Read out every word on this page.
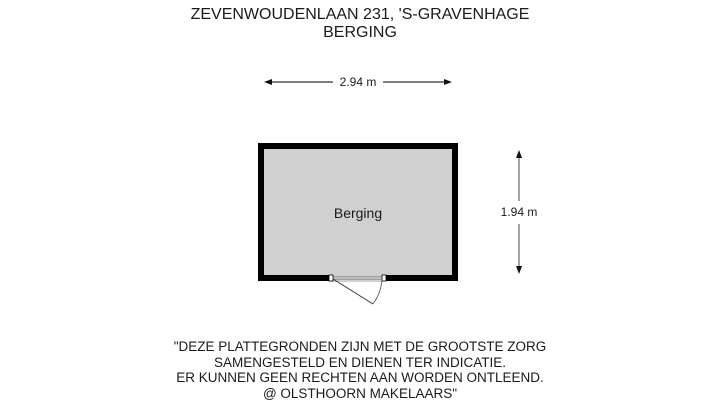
ZEVENWOUDENLAAN 231, 'S-GRAVENHAGE
BERGING
2.94 m
1.94 m
Berging
"DEZE PLATTEGRONDEN ZIJN MET DE GROOTSTE ZORG
SAMENGESTELD EN DIENEN TER INDICATIE.
ER KUNNEN GEEN RECHTEN AAN WORDEN ONTLEEND.
@ OLSTHOORN MAKELAARS"
